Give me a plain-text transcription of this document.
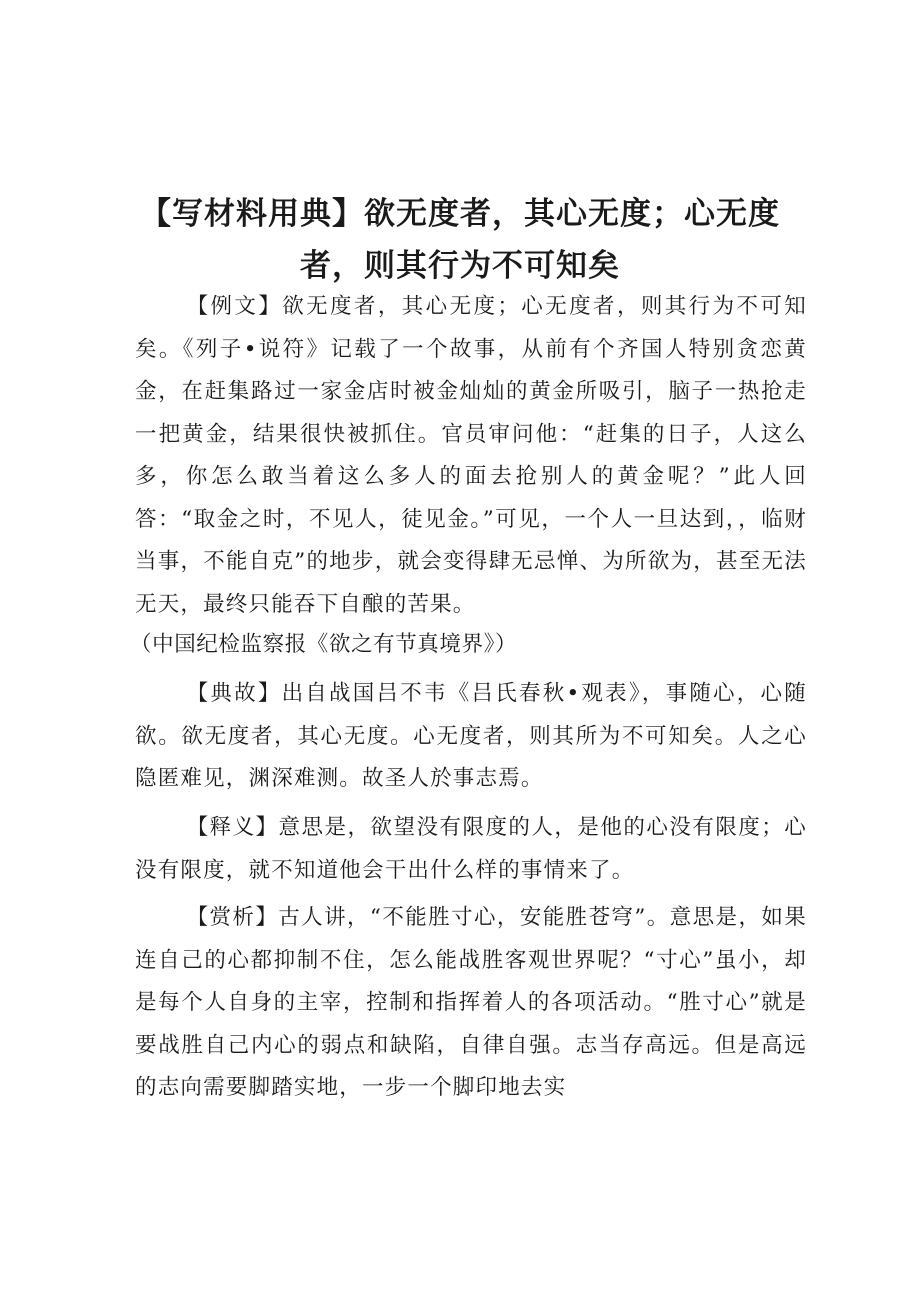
【写材料用典】欲无度者，其心无度；心无度者，则其行为不可知矣

【例文】欲无度者，其心无度；心无度者，则其行为不可知矣。《列子•说符》记载了一个故事，从前有个齐国人特别贪恋黄金，在赶集路过一家金店时被金灿灿的黄金所吸引，脑子一热抢走一把黄金，结果很快被抓住。官员审问他：“赶集的日子，人这么多，你怎么敢当着这么多人的面去抢别人的黄金呢？”此人回答：“取金之时，不见人，徒见金。”可见，一个人一旦达到，，临财当事，不能自克”的地步，就会变得肆无忌惮、为所欲为，甚至无法无天，最终只能吞下自酿的苦果。

（中国纪检监察报《欲之有节真境界》）

【典故】出自战国吕不韦《吕氏春秋•观表》，事随心，心随欲。欲无度者，其心无度。心无度者，则其所为不可知矣。人之心隐匿难见，渊深难测。故圣人於事志焉。

【释义】意思是，欲望没有限度的人，是他的心没有限度；心没有限度，就不知道他会干出什么样的事情来了。

【赏析】古人讲，“不能胜寸心，安能胜苍穹”。意思是，如果连自己的心都抑制不住，怎么能战胜客观世界呢？“寸心”虽小，却是每个人自身的主宰，控制和指挥着人的各项活动。“胜寸心”就是要战胜自己内心的弱点和缺陷，自律自强。志当存高远。但是高远的志向需要脚踏实地，一步一个脚印地去实
